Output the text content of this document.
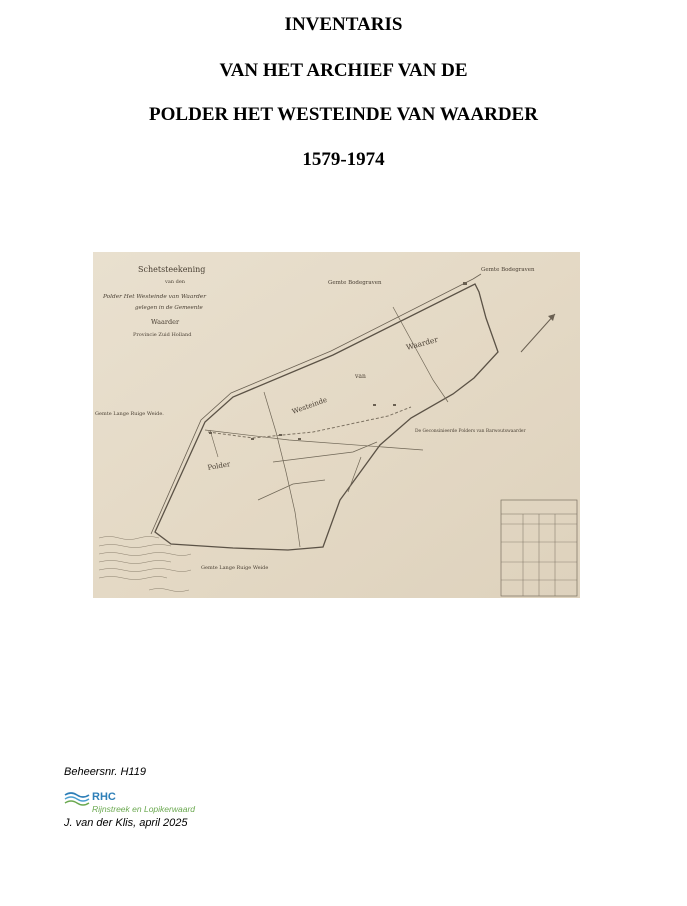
INVENTARIS
VAN HET ARCHIEF VAN DE
POLDER HET WESTEINDE VAN WAARDER
1579-1974
Schetsteekening
van den
Polder Het Westeinde van Waarder
gelegen in de Gemeente
Waarder
Provincie Zuid Holland
Gemte Bodegraven
Gemte Bodegraven
Gemte Lange Ruige Weide.
Gemte Lange Ruige Weide
De Geconsinieerde Polders van Barwoutswaarder
Westeinde
van
Waarder
Polder
Beheersnr. H119
RHC
Rijnstreek en Lopikerwaard
J. van der Klis, april 2025
